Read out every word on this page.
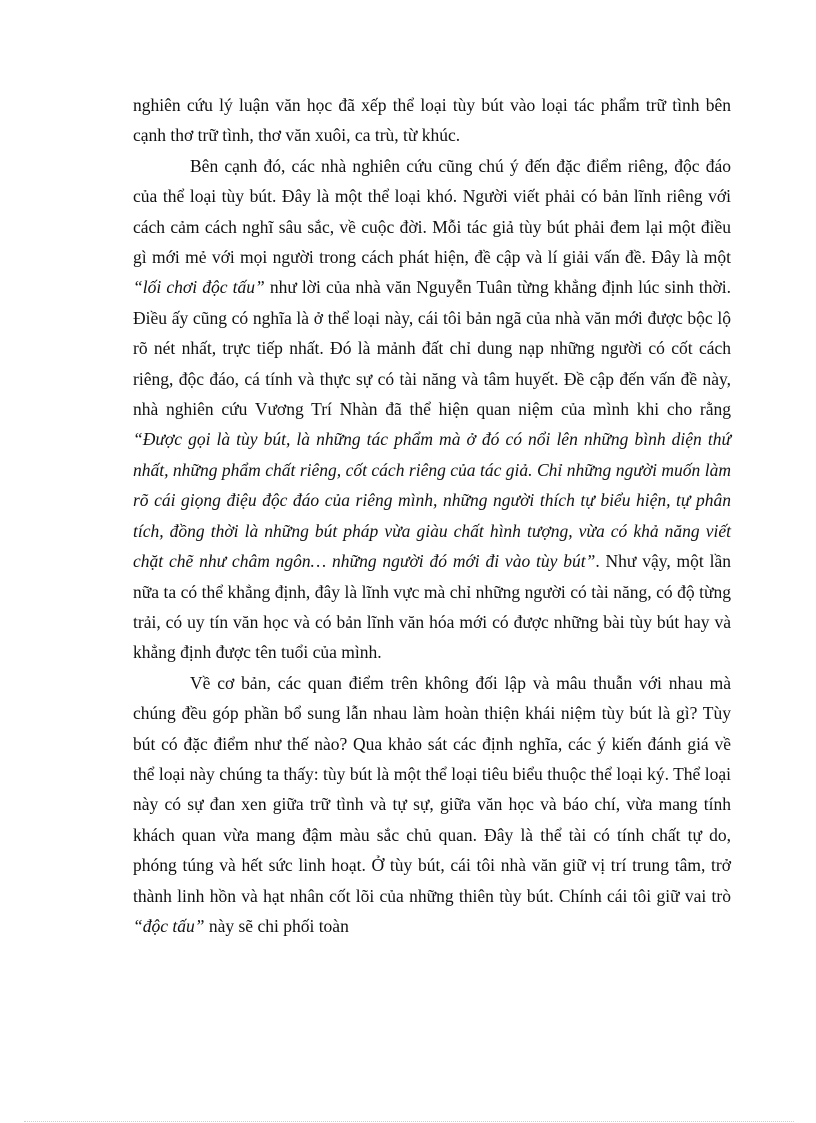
nghiên cứu lý luận văn học đã xếp thể loại tùy bút vào loại tác phẩm trữ tình bên cạnh thơ trữ tình, thơ văn xuôi, ca trù, từ khúc.

Bên cạnh đó, các nhà nghiên cứu cũng chú ý đến đặc điểm riêng, độc đáo của thể loại tùy bút. Đây là một thể loại khó. Người viết phải có bản lĩnh riêng với cách cảm cách nghĩ sâu sắc, về cuộc đời. Mỗi tác giả tùy bút phải đem lại một điều gì mới mẻ với mọi người trong cách phát hiện, đề cập và lí giải vấn đề. Đây là một “lối chơi độc tấu” như lời của nhà văn Nguyễn Tuân từng khẳng định lúc sinh thời. Điều ấy cũng có nghĩa là ở thể loại này, cái tôi bản ngã của nhà văn mới được bộc lộ rõ nét nhất, trực tiếp nhất. Đó là mảnh đất chỉ dung nạp những người có cốt cách riêng, độc đáo, cá tính và thực sự có tài năng và tâm huyết. Đề cập đến vấn đề này, nhà nghiên cứu Vương Trí Nhàn đã thể hiện quan niệm của mình khi cho rằng “Được gọi là tùy bút, là những tác phẩm mà ở đó có nổi lên những bình diện thứ nhất, những phẩm chất riêng, cốt cách riêng của tác giả. Chỉ những người muốn làm rõ cái giọng điệu độc đáo của riêng mình, những người thích tự biểu hiện, tự phân tích, đồng thời là những bút pháp vừa giàu chất hình tượng, vừa có khả năng viết chặt chẽ như châm ngôn… những người đó mới đi vào tùy bút”. Như vậy, một lần nữa ta có thể khẳng định, đây là lĩnh vực mà chỉ những người có tài năng, có độ từng trải, có uy tín văn học và có bản lĩnh văn hóa mới có được những bài tùy bút hay và khẳng định được tên tuổi của mình.

Về cơ bản, các quan điểm trên không đối lập và mâu thuẫn với nhau mà chúng đều góp phần bổ sung lẫn nhau làm hoàn thiện khái niệm tùy bút là gì? Tùy bút có đặc điểm như thế nào? Qua khảo sát các định nghĩa, các ý kiến đánh giá về thể loại này chúng ta thấy: tùy bút là một thể loại tiêu biểu thuộc thể loại ký. Thể loại này có sự đan xen giữa trữ tình và tự sự, giữa văn học và báo chí, vừa mang tính khách quan vừa mang đậm màu sắc chủ quan. Đây là thể tài có tính chất tự do, phóng túng và hết sức linh hoạt. Ở tùy bút, cái tôi nhà văn giữ vị trí trung tâm, trở thành linh hồn và hạt nhân cốt lõi của những thiên tùy bút. Chính cái tôi giữ vai trò “độc tấu” này sẽ chi phối toàn
